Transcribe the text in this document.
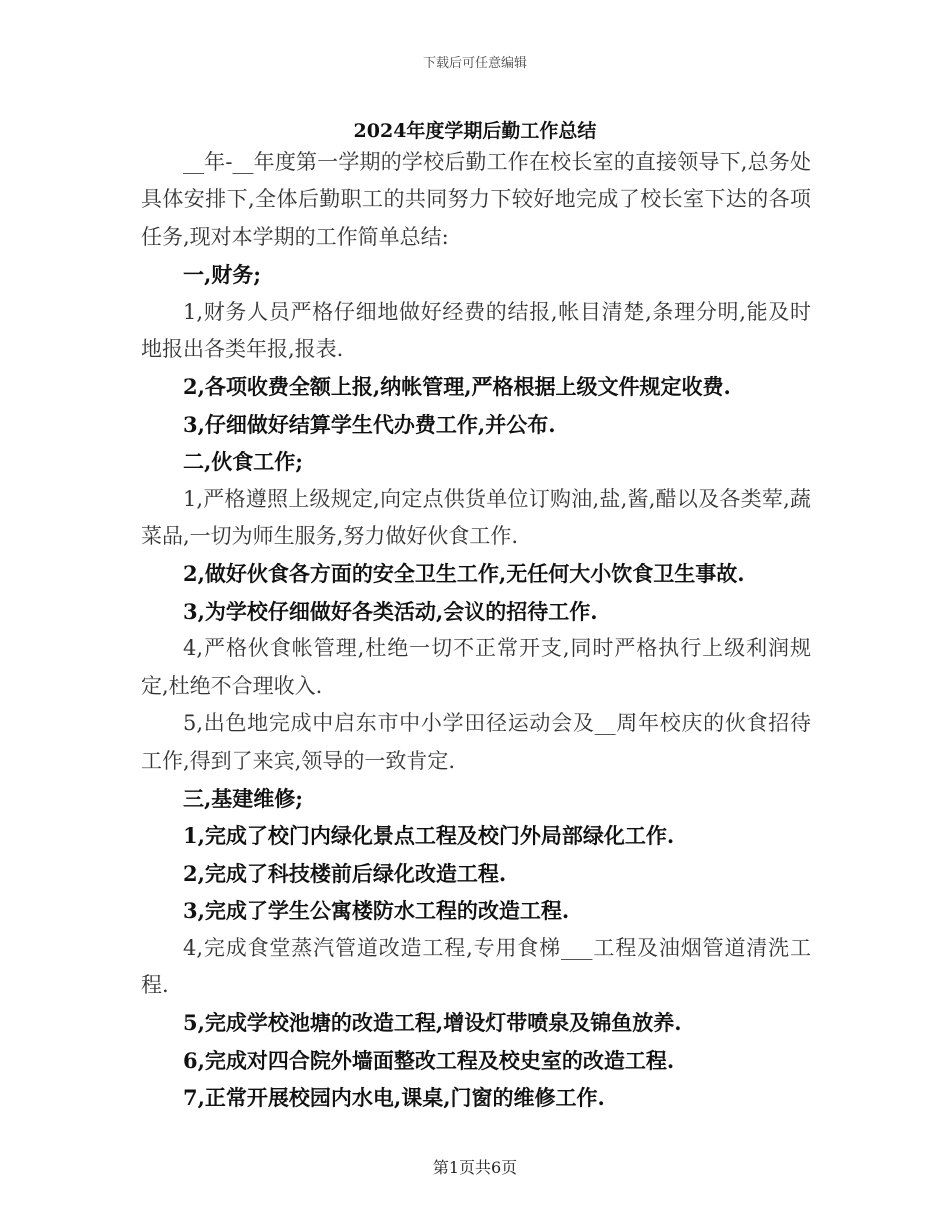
下载后可任意编辑
2024年度学期后勤工作总结

__年-__年度第一学期的学校后勤工作在校长室的直接领导下,总务处具体安排下,全体后勤职工的共同努力下较好地完成了校长室下达的各项任务,现对本学期的工作简单总结:

一,财务;

1,财务人员严格仔细地做好经费的结报,帐目清楚,条理分明,能及时地报出各类年报,报表.

2,各项收费全额上报,纳帐管理,严格根据上级文件规定收费.

3,仔细做好结算学生代办费工作,并公布.

二,伙食工作;

1,严格遵照上级规定,向定点供货单位订购油,盐,酱,醋以及各类荤,蔬菜品,一切为师生服务,努力做好伙食工作.

2,做好伙食各方面的安全卫生工作,无任何大小饮食卫生事故.

3,为学校仔细做好各类活动,会议的招待工作.

4,严格伙食帐管理,杜绝一切不正常开支,同时严格执行上级利润规定,杜绝不合理收入.

5,出色地完成中启东市中小学田径运动会及__周年校庆的伙食招待工作,得到了来宾,领导的一致肯定.

三,基建维修;

1,完成了校门内绿化景点工程及校门外局部绿化工作.

2,完成了科技楼前后绿化改造工程.

3,完成了学生公寓楼防水工程的改造工程.

4,完成食堂蒸汽管道改造工程,专用食梯___工程及油烟管道清洗工程.

5,完成学校池塘的改造工程,增设灯带喷泉及锦鱼放养.

6,完成对四合院外墙面整改工程及校史室的改造工程.

7,正常开展校园内水电,课桌,门窗的维修工作.

第1页共6页
